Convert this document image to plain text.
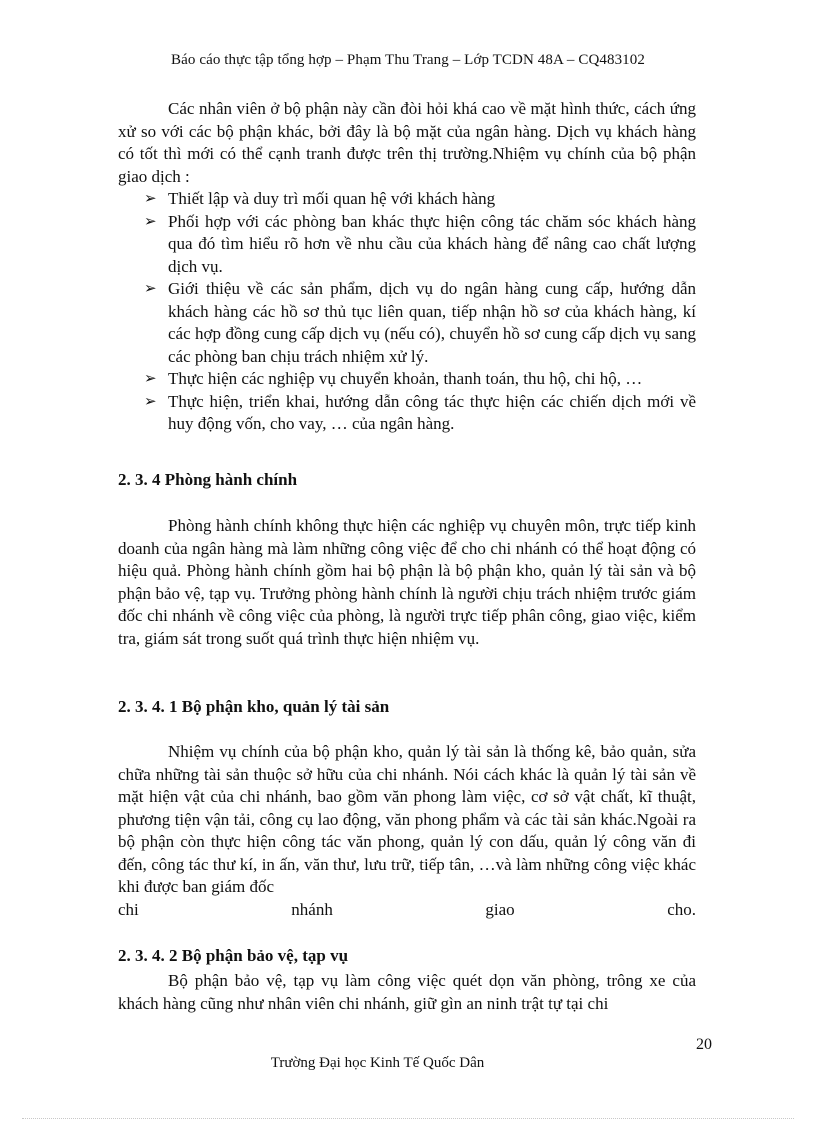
Báo cáo thực tập tổng hợp – Phạm Thu Trang – Lớp TCDN 48A – CQ483102

Các nhân viên ở bộ phận này cần đòi hỏi khá cao về mặt hình thức, cách ứng xử so với các bộ phận khác, bởi đây là bộ mặt của ngân hàng. Dịch vụ khách hàng có tốt thì mới có thể cạnh tranh được trên thị trường.Nhiệm vụ chính của bộ phận giao dịch :

➢ Thiết lập và duy trì mối quan hệ với khách hàng
➢ Phối hợp với các phòng ban khác thực hiện công tác chăm sóc khách hàng qua đó tìm hiểu rõ hơn về nhu cầu của khách hàng để nâng cao chất lượng dịch vụ.
➢ Giới thiệu về các sản phẩm, dịch vụ do ngân hàng cung cấp, hướng dẫn khách hàng các hồ sơ thủ tục liên quan, tiếp nhận hồ sơ của khách hàng, kí các hợp đồng cung cấp dịch vụ (nếu có), chuyển hồ sơ cung cấp dịch vụ sang các phòng ban chịu trách nhiệm xử lý.
➢ Thực hiện các nghiệp vụ chuyển khoản, thanh toán, thu hộ, chi hộ, …
➢ Thực hiện, triển khai, hướng dẫn công tác thực hiện các chiến dịch mới về huy động vốn, cho vay, … của ngân hàng.
2. 3. 4 Phòng hành chính

Phòng hành chính không thực hiện các nghiệp vụ chuyên môn, trực tiếp kinh doanh của ngân hàng mà làm những công việc để cho chi nhánh có thể hoạt động có hiệu quả. Phòng hành chính gồm hai bộ phận là bộ phận kho, quản lý tài sản và bộ phận bảo vệ, tạp vụ. Trưởng phòng hành chính là người chịu trách nhiệm trước giám đốc chi nhánh về công việc của phòng, là người trực tiếp phân công, giao việc, kiểm tra, giám sát trong suốt quá trình thực hiện nhiệm vụ.

2. 3. 4. 1 Bộ phận kho, quản lý tài sản

Nhiệm vụ chính của bộ phận kho, quản lý tài sản là thống kê, bảo quản, sửa chữa những tài sản thuộc sở hữu của chi nhánh. Nói cách khác là quản lý tài sản về mặt hiện vật của chi nhánh, bao gồm văn phong làm việc, cơ sở vật chất, kĩ thuật, phương tiện vận tải, công cụ lao động, văn phong phẩm và các tài sản khác.Ngoài ra bộ phận còn thực hiện công tác văn phong, quản lý con dấu, quản lý công văn đi đến, công tác thư kí, in ấn, văn thư, lưu trữ, tiếp tân, …và làm những công việc khác khi được ban giám đốc

chi nhánh giao cho.
2. 3. 4. 2 Bộ phận bảo vệ, tạp vụ

Bộ phận bảo vệ, tạp vụ làm công việc quét dọn văn phòng, trông xe của khách hàng cũng như nhân viên chi nhánh, giữ gìn an ninh trật tự tại chi

20
Trường Đại học Kinh Tế Quốc Dân
